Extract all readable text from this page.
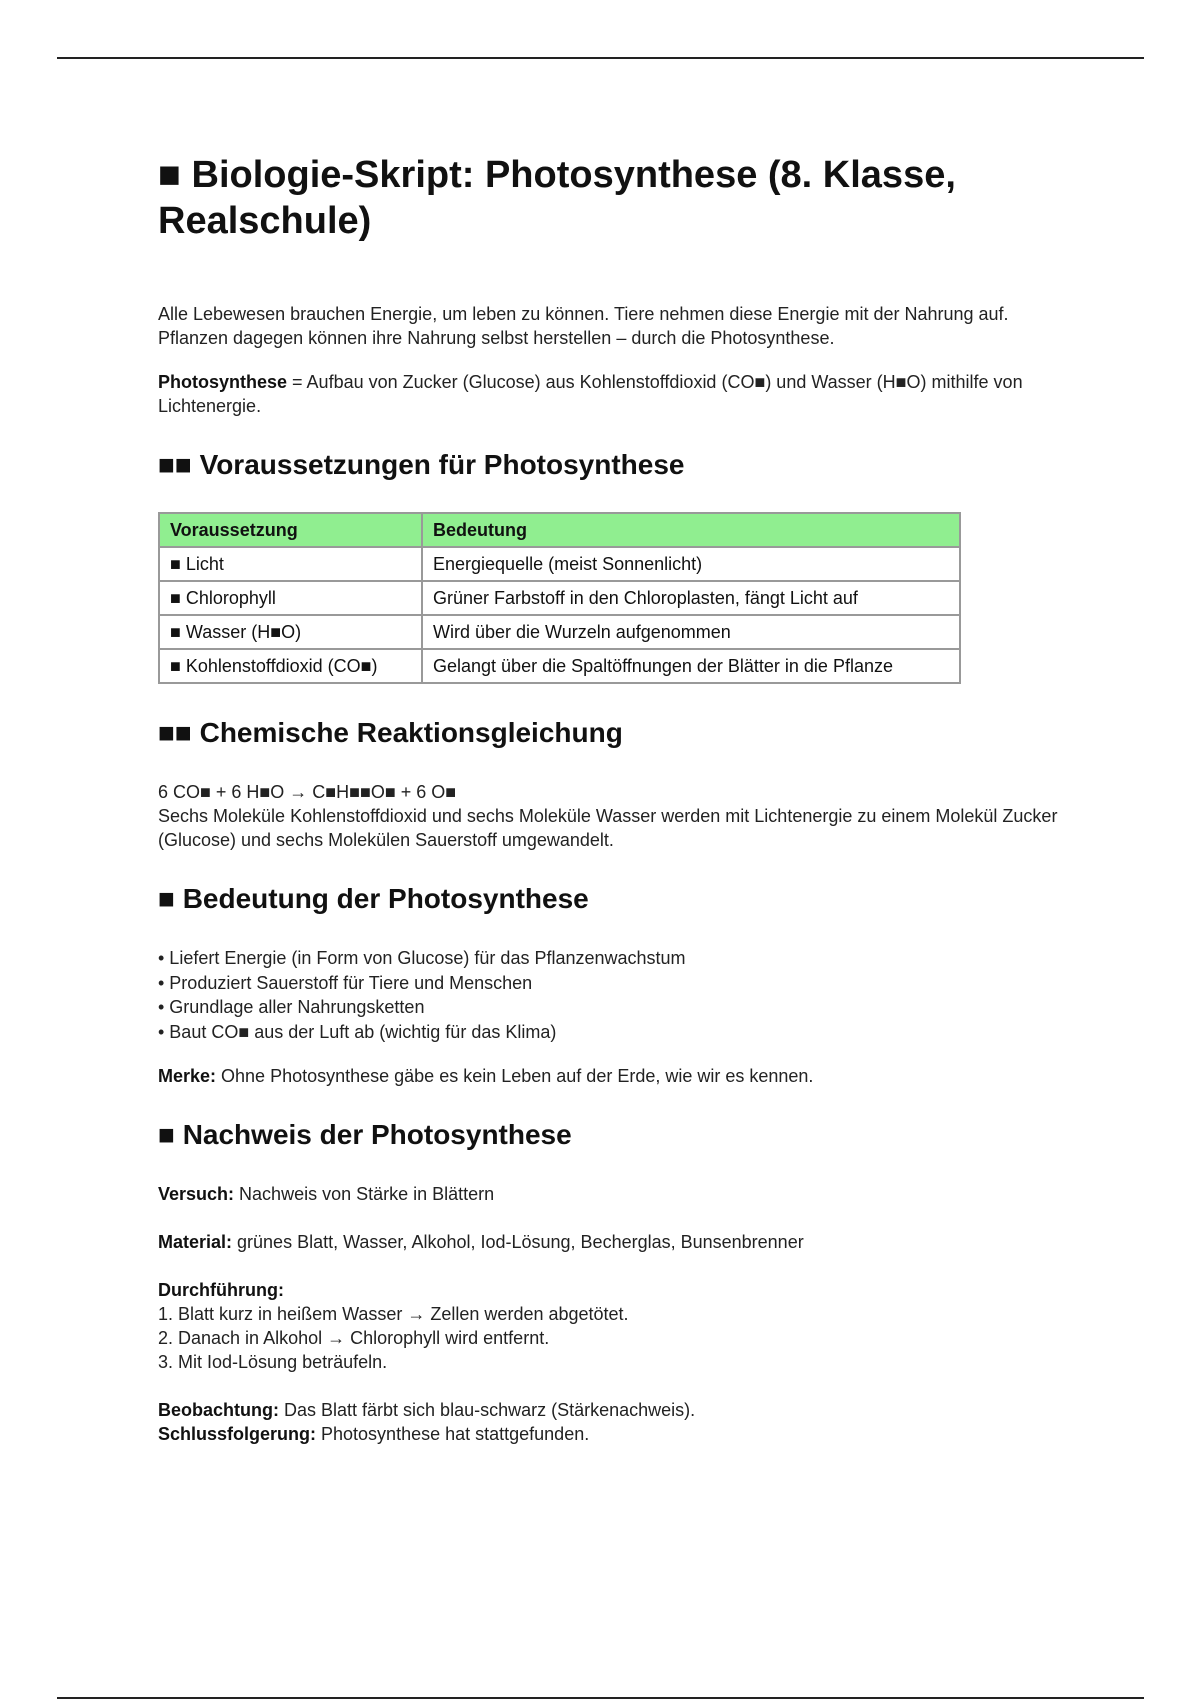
■ Biologie-Skript: Photosynthese (8. Klasse, Realschule)

Alle Lebewesen brauchen Energie, um leben zu können. Tiere nehmen diese Energie mit der Nahrung auf. Pflanzen dagegen können ihre Nahrung selbst herstellen – durch die Photosynthese.

Photosynthese = Aufbau von Zucker (Glucose) aus Kohlenstoffdioxid (CO■) und Wasser (H■O) mithilfe von Lichtenergie.

■■ Voraussetzungen für Photosynthese
Voraussetzung	Bedeutung
■ Licht	Energiequelle (meist Sonnenlicht)
■ Chlorophyll	Grüner Farbstoff in den Chloroplasten, fängt Licht auf
■ Wasser (H■O)	Wird über die Wurzeln aufgenommen
■ Kohlenstoffdioxid (CO■)	Gelangt über die Spaltöffnungen der Blätter in die Pflanze
■■ Chemische Reaktionsgleichung

6 CO■ + 6 H■O → C■H■■O■ + 6 O■

Sechs Moleküle Kohlenstoffdioxid und sechs Moleküle Wasser werden mit Lichtenergie zu einem Molekül Zucker (Glucose) und sechs Molekülen Sauerstoff umgewandelt.

■ Bedeutung der Photosynthese
• Liefert Energie (in Form von Glucose) für das Pflanzenwachstum
• Produziert Sauerstoff für Tiere und Menschen
• Grundlage aller Nahrungsketten
• Baut CO■ aus der Luft ab (wichtig für das Klima)

Merke: Ohne Photosynthese gäbe es kein Leben auf der Erde, wie wir es kennen.

■ Nachweis der Photosynthese

Versuch: Nachweis von Stärke in Blättern

Material: grünes Blatt, Wasser, Alkohol, Iod-Lösung, Becherglas, Bunsenbrenner

Durchführung:

1. Blatt kurz in heißem Wasser → Zellen werden abgetötet.

2. Danach in Alkohol → Chlorophyll wird entfernt.

3. Mit Iod-Lösung beträufeln.

Beobachtung: Das Blatt färbt sich blau-schwarz (Stärkenachweis).

Schlussfolgerung: Photosynthese hat stattgefunden.
